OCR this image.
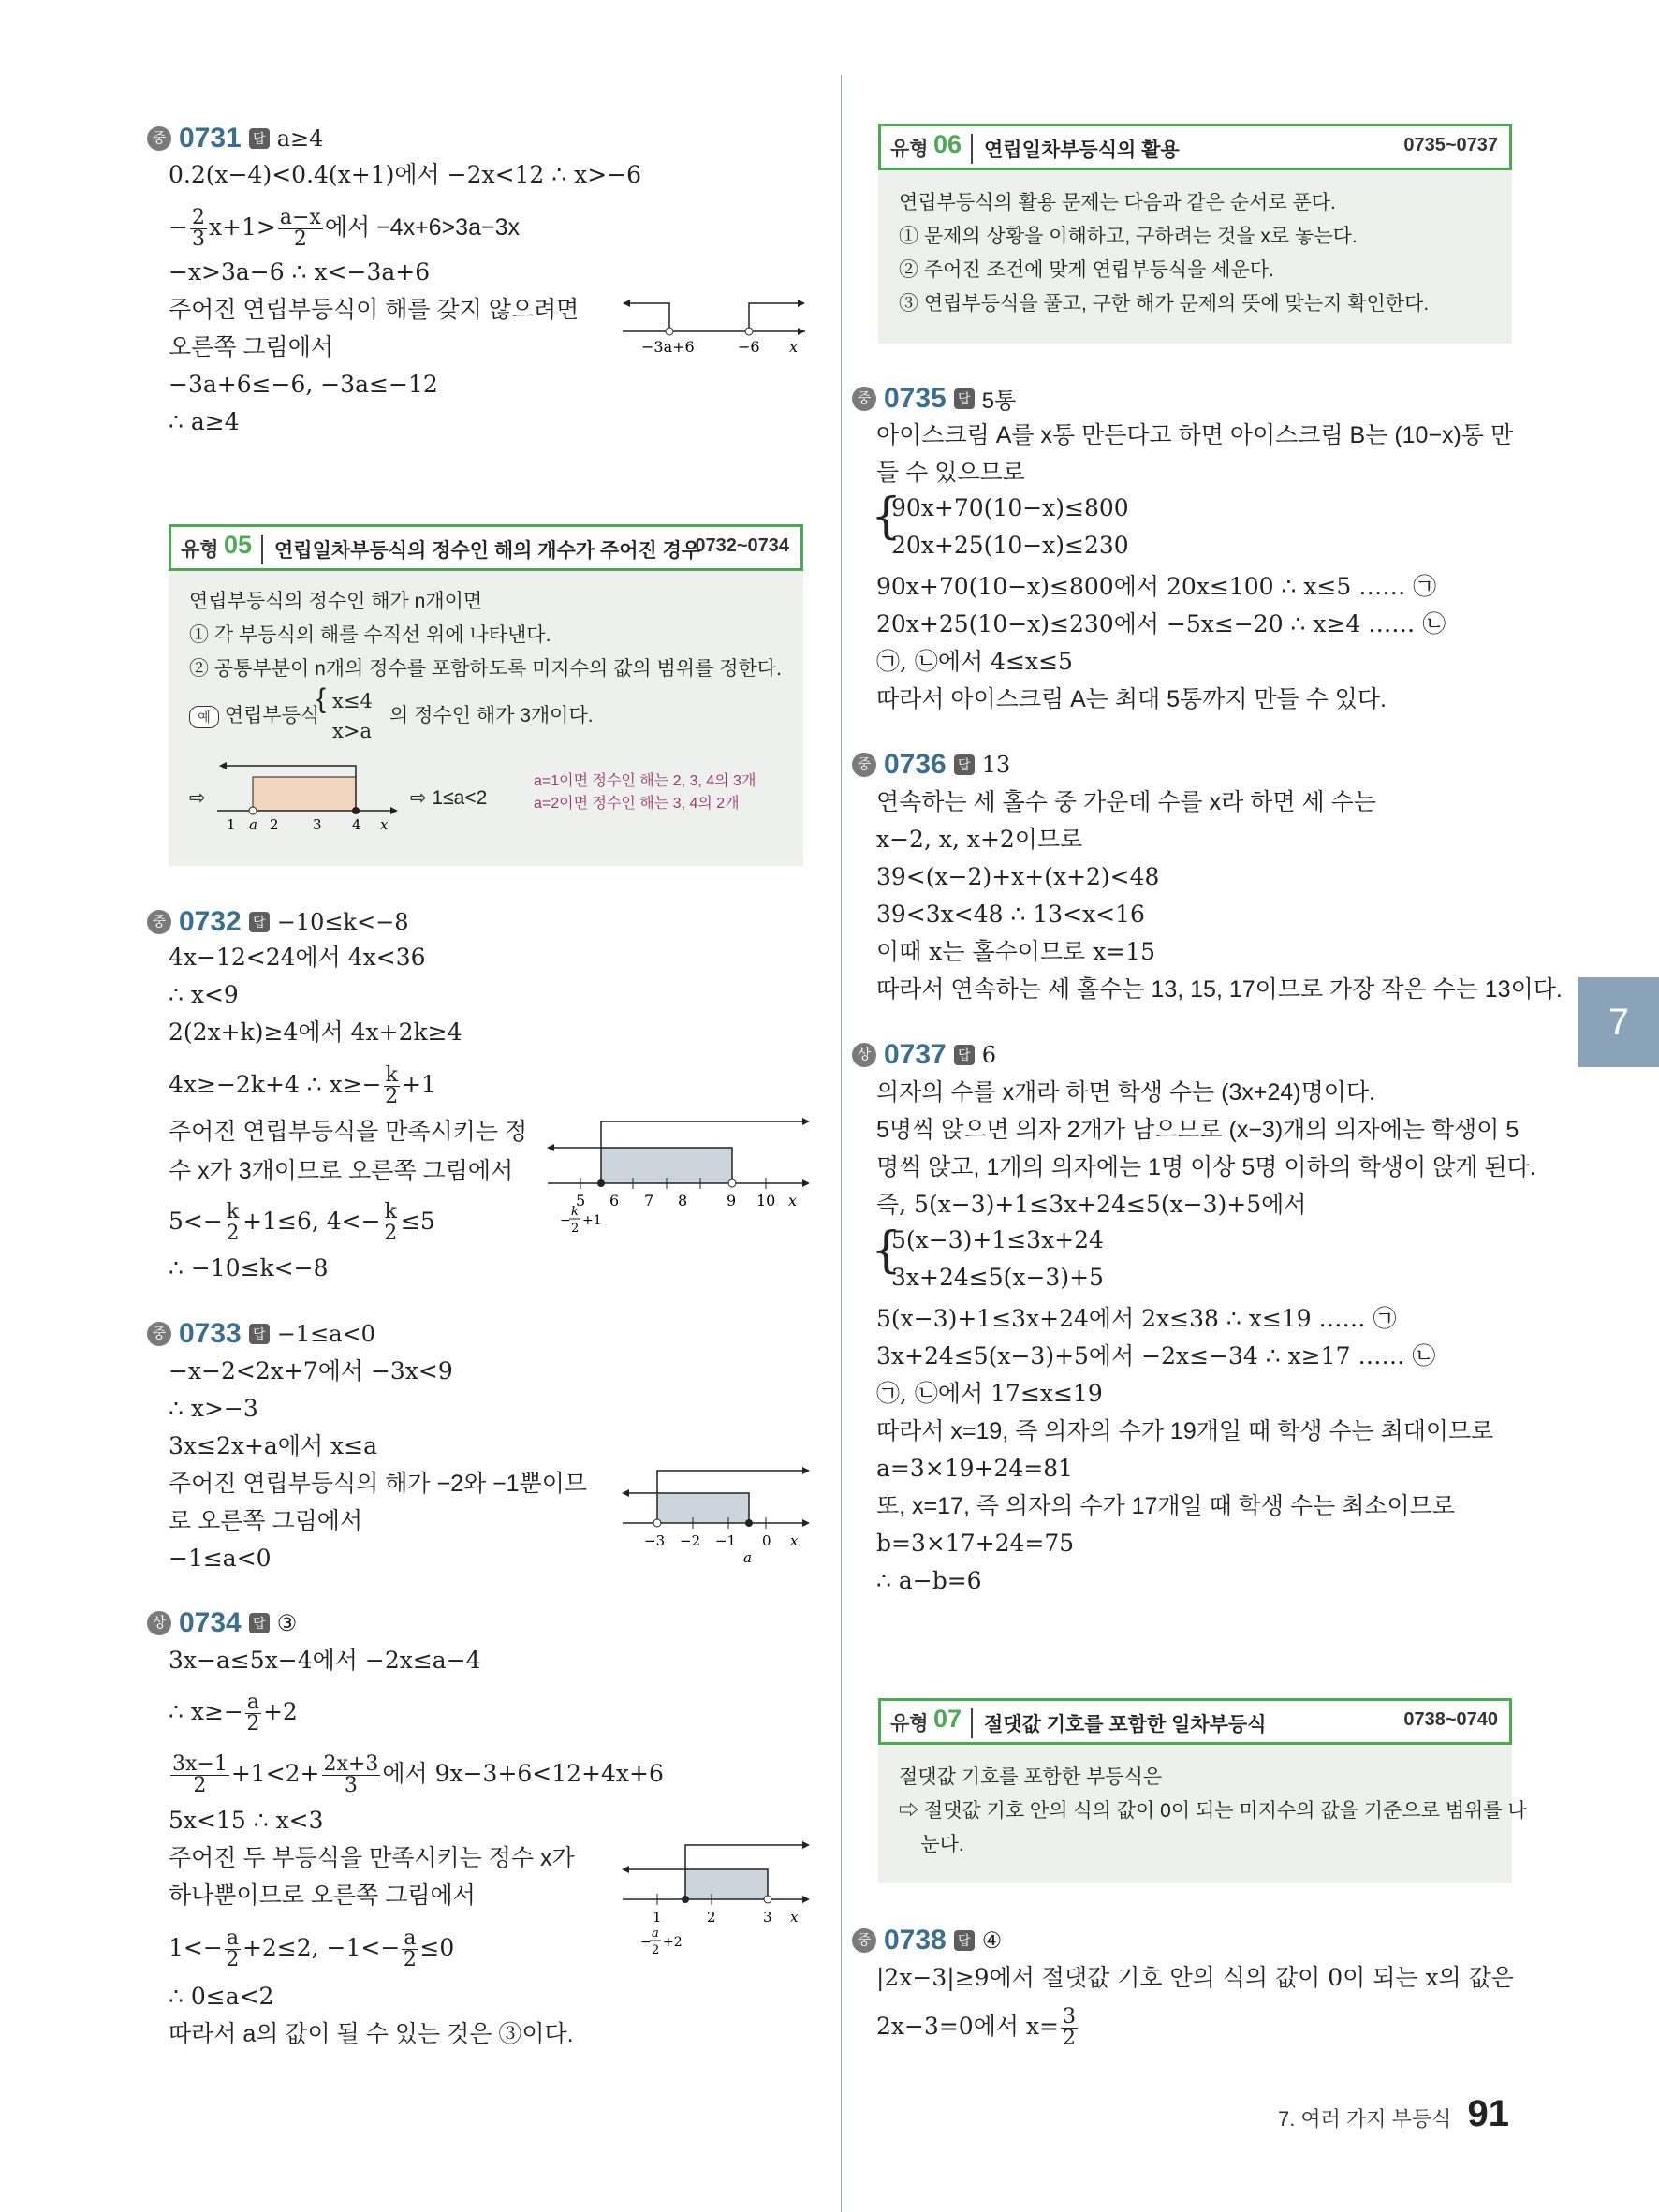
중 0731 답 a≥4
0.2(x−4)<0.4(x+1)에서 −2x<12 ∴ x>−6
− $\frac{2}{3} x+1> \frac{a-x}{2}$ 에서 −4x+6>3a−3x
−x>3a−6 ∴ x<−3a+6
주어진 연립부등식이 해를 갖지 않으려면
오른쪽 그림에서
−3a+6≤−6, −3a≤−12
∴ a≥4
−3a+6	−6 x
유형 05 연립일차부등식의 정수인 해의 개수가 주어진 경우
0732~0734
연립부등식의 정수인 해가 n개이면
① 각 부등식의 해를 수직선 위에 나타낸다.
② 공통부분이 n개의 정수를 포함하도록 미지수의 값의 범위를 정한다.
예 연립부등식
{ x≤4
x>a
의 정수인 해가 3개이다.
⇨	⇨ 1≤a<2
a=1이면 정수인 해는 2, 3, 4의 3개
a=2이면 정수인 해는 3, 4의 2개
1 a 2 3 4 x
중 0732 답 −10≤k<−8
4x−12<24에서 4x<36
∴ x<9
2(2x+k)≥4에서 4x+2k≥4
4x≥−2k+4 ∴ $x\ge- \frac{k}{2} +1$
주어진 연립부등식을 만족시키는 정
수 x가 3개이므로 오른쪽 그림에서
$5<- \frac{k}{2} +1\le 6$, $4<- \frac{k}{2} \le 5$
∴ −10≤k<−8
5 6 7 8	9 10 x
−
k
2
+1
중 0733 답 −1≤a<0
−x−2<2x+7에서 −3x<9
∴ x>−3
3x≤2x+a에서 x≤a
주어진 연립부등식의 해가 −2와 −1뿐이므
로 오른쪽 그림에서
−1≤a<0
−3 −2 −1 0 x
a
상 0734 답 ③
3x−a≤5x−4에서 −2x≤a−4
∴ $x\ge- \frac{a}{2} +2$
$\frac{3x-1}{2} +1<2+ \frac{2x+3}{3}$ 에서 9x−3+6<12+4x+6
5x<15 ∴ x<3
주어진 두 부등식을 만족시키는 정수 x가
하나뿐이므로 오른쪽 그림에서
$1<- \frac{a}{2} +2\le 2$, $-1<- \frac{a}{2} \le 0$
∴ 0≤a<2
따라서 a의 값이 될 수 있는 것은 ③이다.
1	2	3 x
−
a
2
+2
유형 06 연립일차부등식의 활용	0735~0737
연립부등식의 활용 문제는 다음과 같은 순서로 푼다.
① 문제의 상황을 이해하고, 구하려는 것을 x로 놓는다.
② 주어진 조건에 맞게 연립부등식을 세운다.
③ 연립부등식을 풀고, 구한 해가 문제의 뜻에 맞는지 확인한다.
중 0735 답 5통
아이스크림 A를 x통 만든다고 하면 아이스크림 B는 (10−x)통 만
들 수 있으므로
{
90x+70(10−x)≤800
20x+25(10−x)≤230
90x+70(10−x)≤800에서 20x≤100 ∴ x≤5 …… ㉠
20x+25(10−x)≤230에서 −5x≤−20 ∴ x≥4 …… ㉡
㉠, ㉡에서 4≤x≤5
따라서 아이스크림 A는 최대 5통까지 만들 수 있다.
중 0736 답 13
연속하는 세 홀수 중 가운데 수를 x라 하면 세 수는
x−2, x, x+2이므로
39<(x−2)+x+(x+2)<48
39<3x<48 ∴ 13<x<16
이때 x는 홀수이므로 x=15
따라서 연속하는 세 홀수는 13, 15, 17이므로 가장 작은 수는 13이다.
상 0737 답 6
의자의 수를 x개라 하면 학생 수는 (3x+24)명이다.
5명씩 앉으면 의자 2개가 남으므로 (x−3)개의 의자에는 학생이 5
명씩 앉고, 1개의 의자에는 1명 이상 5명 이하의 학생이 앉게 된다.
즉, 5(x−3)+1≤3x+24≤5(x−3)+5에서
{
5(x−3)+1≤3x+24
3x+24≤5(x−3)+5
5(x−3)+1≤3x+24에서 2x≤38 ∴ x≤19 …… ㉠
3x+24≤5(x−3)+5에서 −2x≤−34 ∴ x≥17 …… ㉡
㉠, ㉡에서 17≤x≤19
따라서 x=19, 즉 의자의 수가 19개일 때 학생 수는 최대이므로
a=3×19+24=81
또, x=17, 즉 의자의 수가 17개일 때 학생 수는 최소이므로
b=3×17+24=75
∴ a−b=6
유형 07 절댓값 기호를 포함한 일차부등식	0738~0740
절댓값 기호를 포함한 부등식은
⇨ 절댓값 기호 안의 식의 값이 0이 되는 미지수의 값을 기준으로 범위를 나
눈다.
중 0738 답 ④
|2x−3|≥9에서 절댓값 기호 안의 식의 값이 0이 되는 x의 값은
2x−3=0에서 $x= \frac{3}{2}$
7
7. 여러 가지 부등식 91
